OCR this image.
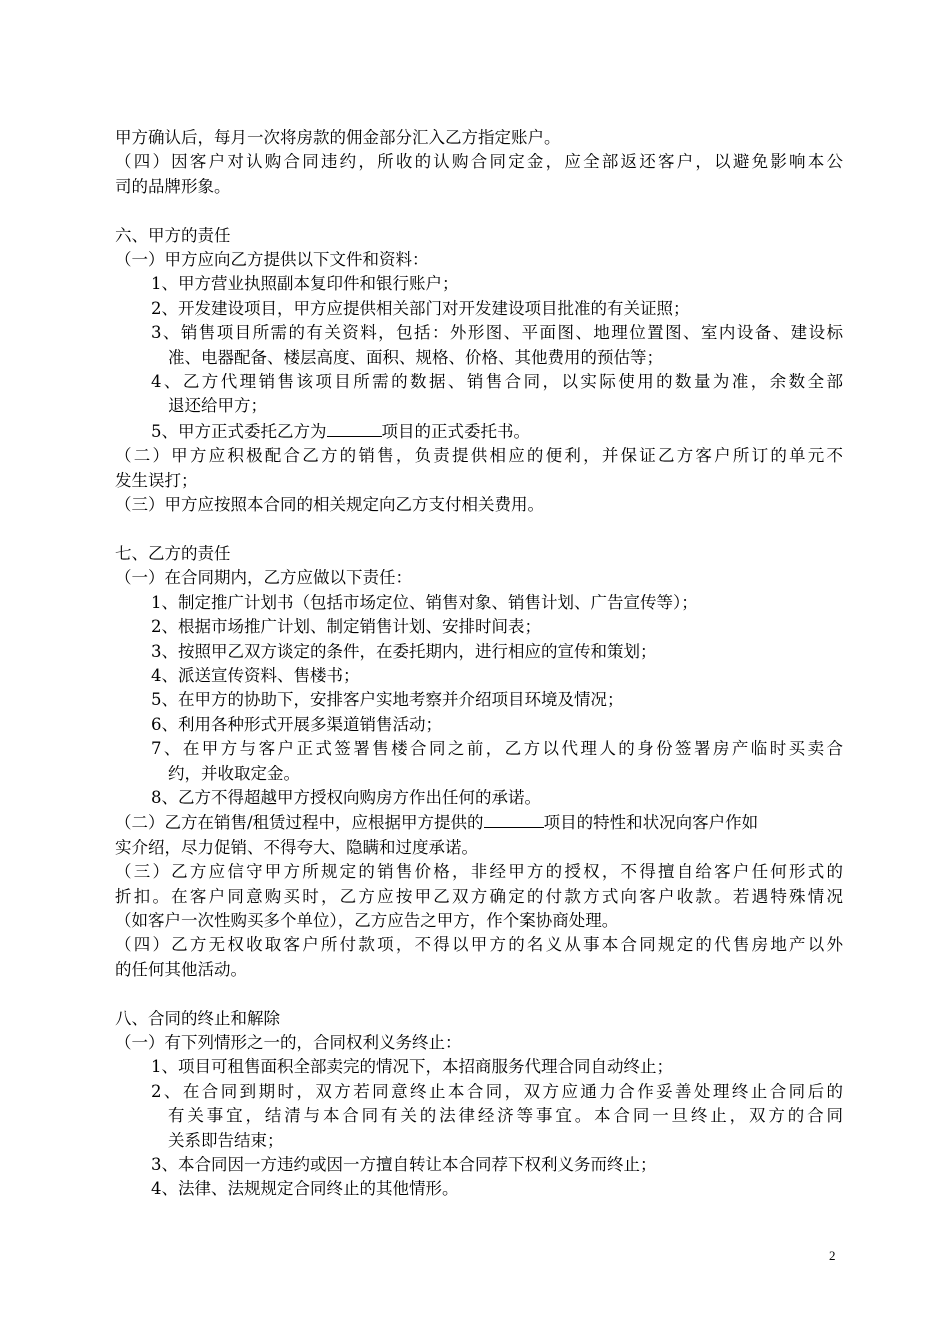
甲方确认后，每月一次将房款的佣金部分汇入乙方指定账户。
（四）因客户对认购合同违约，所收的认购合同定金，应全部返还客户，以避免影响本公
司的品牌形象。
六、甲方的责任
（一）甲方应向乙方提供以下文件和资料：
1、甲方营业执照副本复印件和银行账户；
2、开发建设项目，甲方应提供相关部门对开发建设项目批准的有关证照；
3、销售项目所需的有关资料，包括：外形图、平面图、地理位置图、室内设备、建设标
准、电器配备、楼层高度、面积、规格、价格、其他费用的预估等；
4、乙方代理销售该项目所需的数据、销售合同，以实际使用的数量为准，余数全部
退还给甲方；
5、甲方正式委托乙方为	项目的正式委托书。
（二）甲方应积极配合乙方的销售，负责提供相应的便利，并保证乙方客户所订的单元不
发生误打；
（三）甲方应按照本合同的相关规定向乙方支付相关费用。
七、乙方的责任
（一）在合同期内，乙方应做以下责任：
1、制定推广计划书（包括市场定位、销售对象、销售计划、广告宣传等）；
2、根据市场推广计划、制定销售计划、安排时间表；
3、按照甲乙双方谈定的条件，在委托期内，进行相应的宣传和策划；
4、派送宣传资料、售楼书；
5、在甲方的协助下，安排客户实地考察并介绍项目环境及情况；
6、利用各种形式开展多渠道销售活动；
7、在甲方与客户正式签署售楼合同之前，乙方以代理人的身份签署房产临时买卖合
约，并收取定金。
8、乙方不得超越甲方授权向购房方作出任何的承诺。
（二）乙方在销售/租赁过程中，应根据甲方提供的	项目的特性和状况向客户作如
实介绍，尽力促销、不得夸大、隐瞒和过度承诺。
（三）乙方应信守甲方所规定的销售价格，非经甲方的授权，不得擅自给客户任何形式的
折扣。在客户同意购买时，乙方应按甲乙双方确定的付款方式向客户收款。若遇特殊情况
（如客户一次性购买多个单位），乙方应告之甲方，作个案协商处理。
（四）乙方无权收取客户所付款项，不得以甲方的名义从事本合同规定的代售房地产以外
的任何其他活动。
八、合同的终止和解除
（一）有下列情形之一的，合同权利义务终止：
1、项目可租售面积全部卖完的情况下，本招商服务代理合同自动终止；
2、在合同到期时，双方若同意终止本合同，双方应通力合作妥善处理终止合同后的
有关事宜，结清与本合同有关的法律经济等事宜。本合同一旦终止，双方的合同
关系即告结束；
3、本合同因一方违约或因一方擅自转让本合同荐下权利义务而终止；
4、法律、法规规定合同终止的其他情形。
2
